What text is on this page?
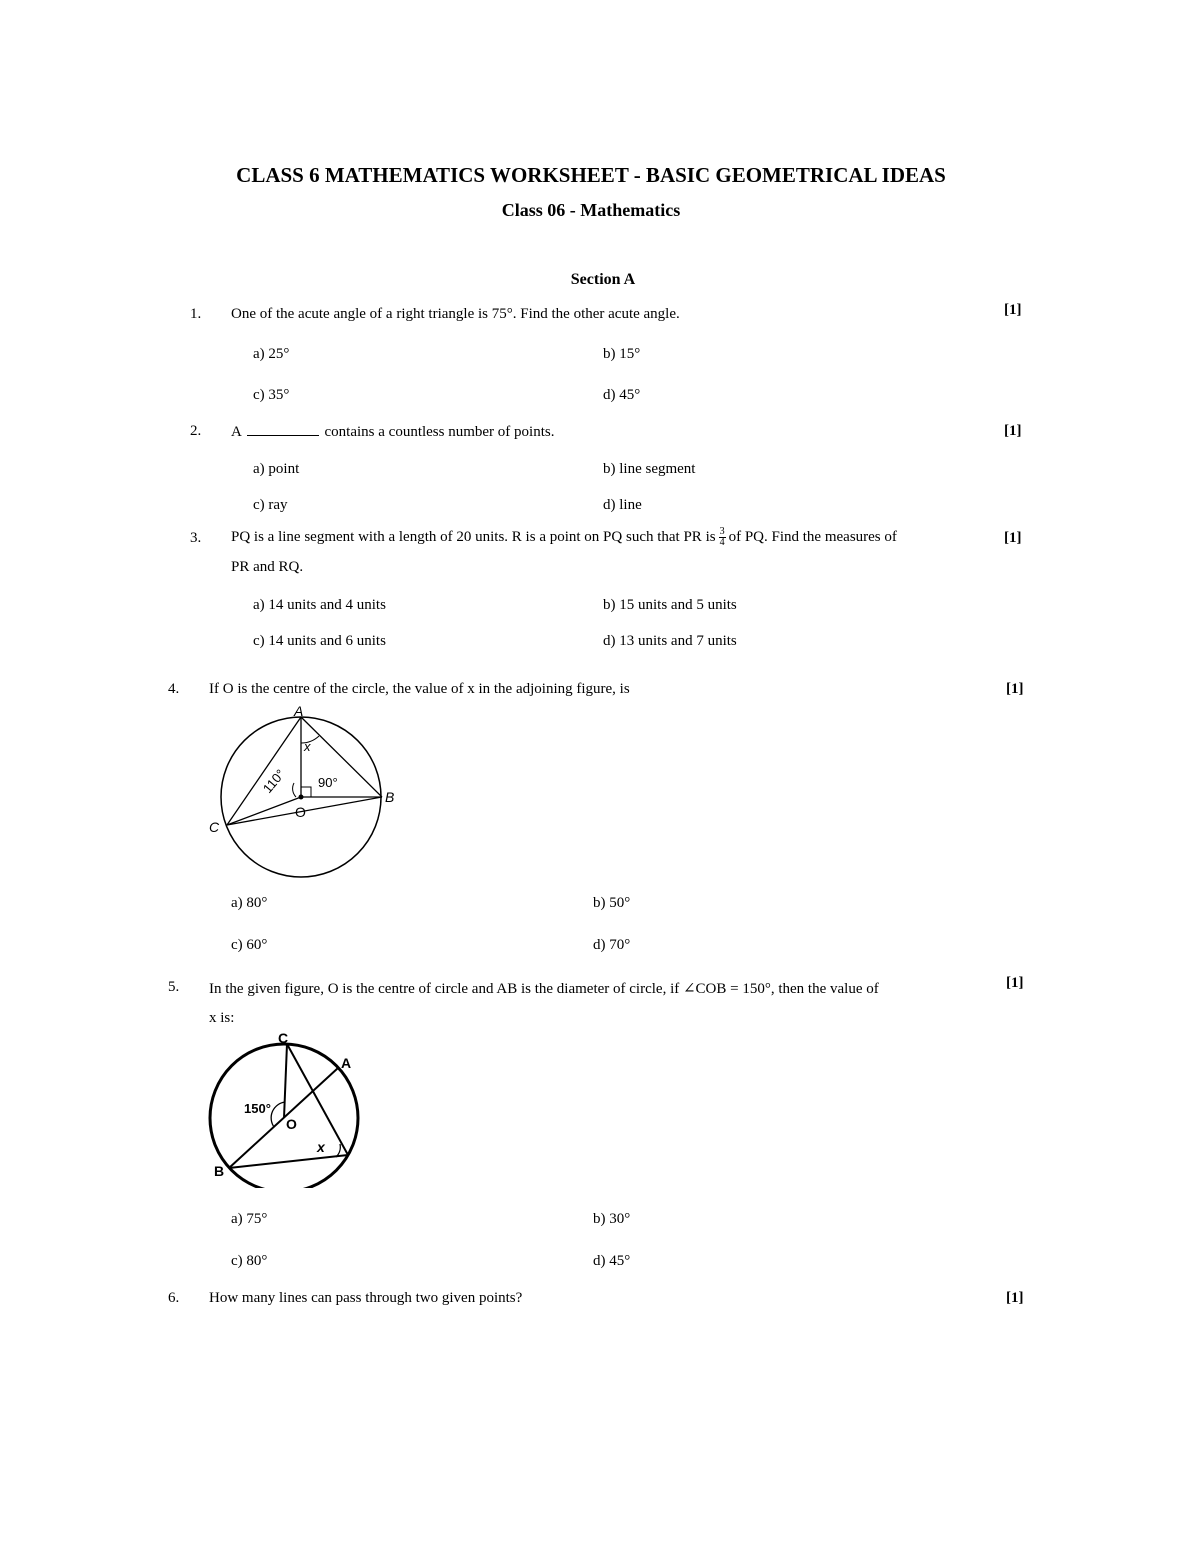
CLASS 6 MATHEMATICS WORKSHEET - BASIC GEOMETRICAL IDEAS
Class 06 - Mathematics
Section A
1. One of the acute angle of a right triangle is 75°. Find the other acute angle.	[1]
a) 25°	b) 15°
c) 35°	d) 45°
2. A	contains a countless number of points.	[1]
a) point	b) line segment
c) ray	d) line
3. PQ is a line segment with a length of 20 units. R is a point on PQ such that PR is $\frac{3}{4}$ of PQ. Find the measures of
PR and RQ.
[1]
a) 14 units and 4 units	b) 15 units and 5 units
c) 14 units and 6 units	d) 13 units and 7 units
4. If O is the centre of the circle, the value of x in the adjoining figure, is	[1]
A
B
C
O
x
90°
110°
a) 80°	b) 50°
c) 60°	d) 70°
5. In the given figure, O is the centre of circle and AB is the diameter of circle, if ∠COB = 150°, then the value of
x is:
[1]
C
A
B
O
x
150°
a) 75°	b) 30°
c) 80°	d) 45°
6. How many lines can pass through two given points?	[1]
